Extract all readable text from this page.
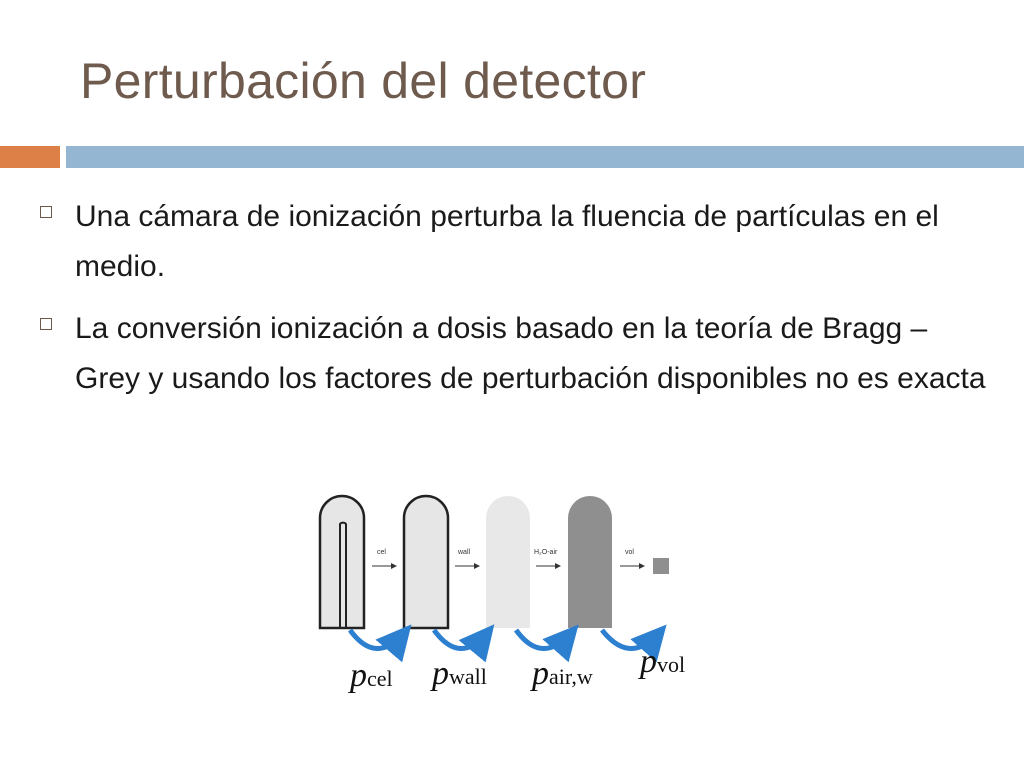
Perturbación del detector
Una cámara de ionización perturba la fluencia de partículas en el medio.
La conversión ionización a dosis basado en la teoría de Bragg – Grey y usando los factores de perturbación disponibles no es exacta
cel	wall	H₂O-air	vol
pcel pwall pair,w pvol
